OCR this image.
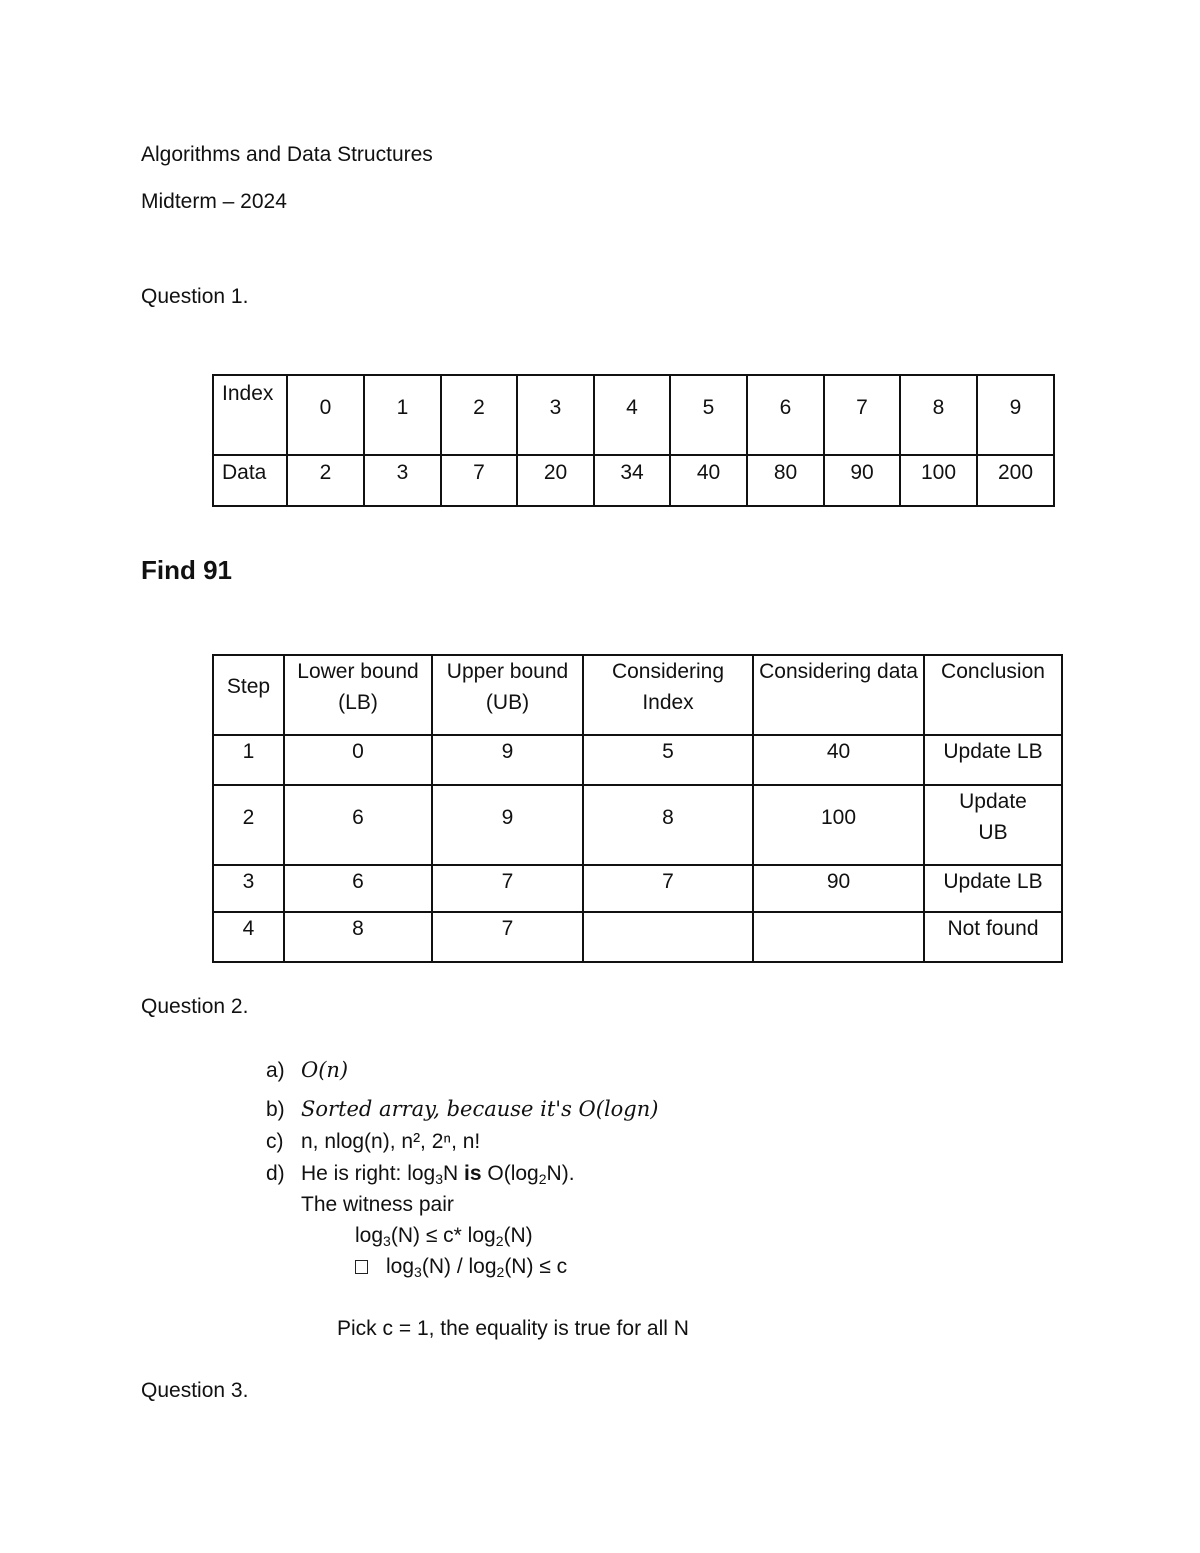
Algorithms and Data Structures
Midterm – 2024
Question 1.
Index	0	1	2	3	4	5	6	7	8	9
Data	2	3	7	20	34	40	80	90	100	200
Find 91
Step	Lower bound (LB)	Upper bound (UB)	Considering Index	Considering data	Conclusion
1	0	9	5	40	Update LB
2	6	9	8	100	Update UB
3	6	7	7	90	Update LB
4	8	7			Not found
Question 2.
a) O(n)
b) Sorted array, because it's O(logn)
c) n, nlog(n), n², 2ⁿ, n!
d) He is right: $\log_3N$ is $O(\log_2N)$.
The witness pair
$\log_3(N) \le c*$ $\log_2(N)$
$\log_3(N) / \log_2(N) \le c$
Pick c = 1, the equality is true for all N
Question 3.
